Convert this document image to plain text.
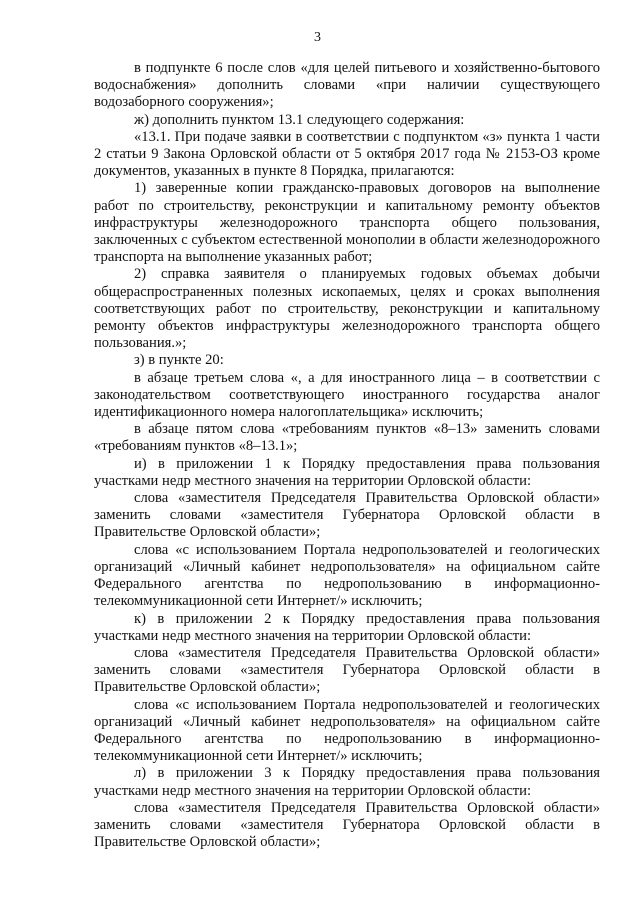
3

в подпункте 6 после слов «для целей питьевого и хозяйственно-бытового водоснабжения» дополнить словами «при наличии существующего водозаборного сооружения»;

ж) дополнить пунктом 13.1 следующего содержания:

«13.1. При подаче заявки в соответствии с подпунктом «з» пункта 1 части 2 статьи 9 Закона Орловской области от 5 октября 2017 года № 2153-ОЗ кроме документов, указанных в пункте 8 Порядка, прилагаются:

1) заверенные копии гражданско-правовых договоров на выполнение работ по строительству, реконструкции и капитальному ремонту объектов инфраструктуры железнодорожного транспорта общего пользования, заключенных с субъектом естественной монополии в области железнодорожного транспорта на выполнение указанных работ;

2) справка заявителя о планируемых годовых объемах добычи общераспространенных полезных ископаемых, целях и сроках выполнения соответствующих работ по строительству, реконструкции и капитальному ремонту объектов инфраструктуры железнодорожного транспорта общего пользования.»;

з) в пункте 20:

в абзаце третьем слова «, а для иностранного лица – в соответствии с законодательством соответствующего иностранного государства аналог идентификационного номера налогоплательщика» исключить;

в абзаце пятом слова «требованиям пунктов «8–13» заменить словами «требованиям пунктов «8–13.1»;

и) в приложении 1 к Порядку предоставления права пользования участками недр местного значения на территории Орловской области:

слова «заместителя Председателя Правительства Орловской области» заменить словами «заместителя Губернатора Орловской области в Правительстве Орловской области»;

слова «с использованием Портала недропользователей и геологических организаций «Личный кабинет недропользователя» на официальном сайте Федерального агентства по недропользованию в информационно-телекоммуникационной сети Интернет/» исключить;

к) в приложении 2 к Порядку предоставления права пользования участками недр местного значения на территории Орловской области:

слова «заместителя Председателя Правительства Орловской области» заменить словами «заместителя Губернатора Орловской области в Правительстве Орловской области»;

слова «с использованием Портала недропользователей и геологических организаций «Личный кабинет недропользователя» на официальном сайте Федерального агентства по недропользованию в информационно-телекоммуникационной сети Интернет/» исключить;

л) в приложении 3 к Порядку предоставления права пользования участками недр местного значения на территории Орловской области:

слова «заместителя Председателя Правительства Орловской области» заменить словами «заместителя Губернатора Орловской области в Правительстве Орловской области»;
